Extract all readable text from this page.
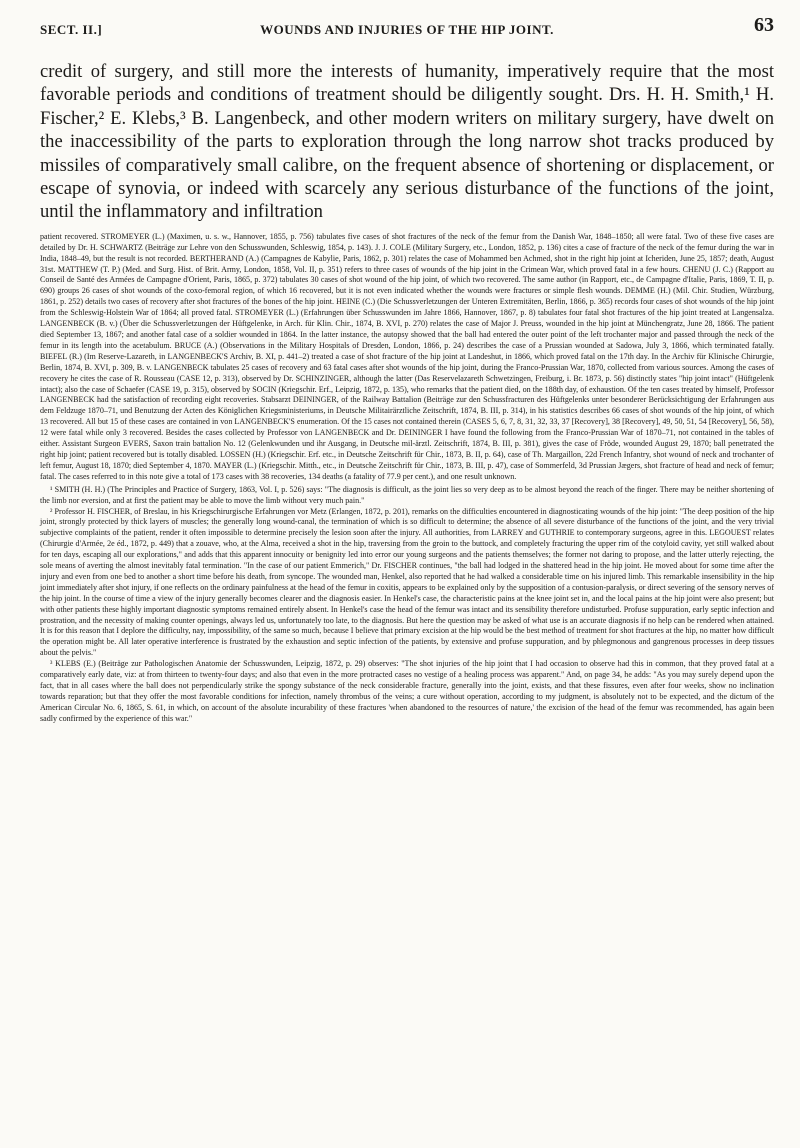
SECT. II.]	WOUNDS AND INJURIES OF THE HIP JOINT.	63
credit of surgery, and still more the interests of humanity, imperatively require that the most favorable periods and conditions of treatment should be diligently sought. Drs. H. H. Smith,¹ H. Fischer,² E. Klebs,³ B. Langenbeck, and other modern writers on military surgery, have dwelt on the inaccessibility of the parts to exploration through the long narrow shot tracks produced by missiles of comparatively small calibre, on the frequent absence of shortening or displacement, or escape of synovia, or indeed with scarcely any serious disturbance of the functions of the joint, until the inflammatory and infiltration

patient recovered. STROMEYER (L.) (Maximen, u. s. w., Hannover, 1855, p. 756) tabulates five cases of shot fractures of the neck of the femur from the Danish War, 1848–1850; all were fatal. Two of these five cases are detailed by Dr. H. SCHWARTZ (Beiträge zur Lehre von den Schusswunden, Schleswig, 1854, p. 143). J. J. COLE (Military Surgery, etc., London, 1852, p. 136) cites a case of fracture of the neck of the femur during the war in India, 1848–49, but the result is not recorded. BERTHERAND (A.) (Campagnes de Kabylie, Paris, 1862, p. 301) relates the case of Mohammed ben Achmed, shot in the right hip joint at Icheriden, June 25, 1857; death, August 31st. MATTHEW (T. P.) (Med. and Surg. Hist. of Brit. Army, London, 1858, Vol. II, p. 351) refers to three cases of wounds of the hip joint in the Crimean War, which proved fatal in a few hours. CHENU (J. C.) (Rapport au Conseil de Santé des Armées de Campagne d'Orient, Paris, 1865, p. 372) tabulates 30 cases of shot wound of the hip joint, of which two recovered. The same author (in Rapport, etc., de Campagne d'Italie, Paris, 1869, T. II, p. 690) groups 26 cases of shot wounds of the coxo-femoral region, of which 16 recovered, but it is not even indicated whether the wounds were fractures or simple flesh wounds. DEMME (H.) (Mil. Chir. Studien, Würzburg, 1861, p. 252) details two cases of recovery after shot fractures of the bones of the hip joint. HEINE (C.) (Die Schussverletzungen der Unteren Extremitäten, Berlin, 1866, p. 365) records four cases of shot wounds of the hip joint from the Schleswig-Holstein War of 1864; all proved fatal. STROMEYER (L.) (Erfahrungen über Schusswunden im Jahre 1866, Hannover, 1867, p. 8) tabulates four fatal shot fractures of the hip joint treated at Langensalza. LANGENBECK (B. v.) (Über die Schussverletzungen der Hüftgelenke, in Arch. für Klin. Chir., 1874, B. XVI, p. 270) relates the case of Major J. Preuss, wounded in the hip joint at Münchengratz, June 28, 1866. The patient died September 13, 1867; and another fatal case of a soldier wounded in 1864. In the latter instance, the autopsy showed that the ball had entered the outer point of the left trochanter major and passed through the neck of the femur in its length into the acetabulum. BRUCE (A.) (Observations in the Military Hospitals of Dresden, London, 1866, p. 24) describes the case of a Prussian wounded at Sadowa, July 3, 1866, which terminated fatally. BIEFEL (R.) (Im Reserve-Lazareth, in LANGENBECK'S Archiv, B. XI, p. 441–2) treated a case of shot fracture of the hip joint at Landeshut, in 1866, which proved fatal on the 17th day. In the Archiv für Klinische Chirurgie, Berlin, 1874, B. XVI, p. 309, B. v. LANGENBECK tabulates 25 cases of recovery and 63 fatal cases after shot wounds of the hip joint, during the Franco-Prussian War, 1870, collected from various sources. Among the cases of recovery he cites the case of R. Rousseau (CASE 12, p. 313), observed by Dr. SCHINZINGER, although the latter (Das Reservelazareth Schwetzingen, Freiburg, i. Br. 1873, p. 56) distinctly states "hip joint intact" (Hüftgelenk intact); also the case of Schaefer (CASE 19, p. 315), observed by SOCIN (Kriegschir. Erf., Leipzig, 1872, p. 135), who remarks that the patient died, on the 188th day, of exhaustion. Of the ten cases treated by himself, Professor LANGENBECK had the satisfaction of recording eight recoveries. Stabsarzt DEININGER, of the Railway Battalion (Beiträge zur den Schussfracturen des Hüftgelenks unter besonderer Berücksichtigung der Erfahrungen aus dem Feldzuge 1870–71, und Benutzung der Acten des Königlichen Kriegsministeriums, in Deutsche Militairärztliche Zeitschrift, 1874, B. III, p. 314), in his statistics describes 66 cases of shot wounds of the hip joint, of which 13 recovered. All but 15 of these cases are contained in von LANGENBECK'S enumeration. Of the 15 cases not contained therein (CASES 5, 6, 7, 8, 31, 32, 33, 37 [Recovery], 38 [Recovery], 49, 50, 51, 54 [Recovery], 56, 58), 12 were fatal while only 3 recovered. Besides the cases collected by Professor von LANGENBECK and Dr. DEININGER I have found the following from the Franco-Prussian War of 1870–71, not contained in the tables of either. Assistant Surgeon EVERS, Saxon train battalion No. 12 (Gelenkwunden und ihr Ausgang, in Deutsche mil-ärztl. Zeitschrift, 1874, B. III, p. 381), gives the case of Fröde, wounded August 29, 1870; ball penetrated the right hip joint; patient recovered but is totally disabled. LOSSEN (H.) (Kriegschir. Erf. etc., in Deutsche Zeitschrift für Chir., 1873, B. II, p. 64), case of Th. Margaillon, 22d French Infantry, shot wound of neck and trochanter of left femur, August 18, 1870; died September 4, 1870. MAYER (L.) (Kriegschir. Mitth., etc., in Deutsche Zeitschrift für Chir., 1873, B. III, p. 47), case of Sommerfeld, 3d Prussian Jægers, shot fracture of head and neck of femur; fatal. The cases referred to in this note give a total of 173 cases with 38 recoveries, 134 deaths (a fatality of 77.9 per cent.), and one result unknown.

¹ SMITH (H. H.) (The Principles and Practice of Surgery, 1863, Vol. I, p. 526) says: "The diagnosis is difficult, as the joint lies so very deep as to be almost beyond the reach of the finger. There may be neither shortening of the limb nor eversion, and at first the patient may be able to move the limb without very much pain."

² Professor H. FISCHER, of Breslau, in his Kriegschirurgische Erfahrungen vor Metz (Erlangen, 1872, p. 201), remarks on the difficulties encountered in diagnosticating wounds of the hip joint: "The deep position of the hip joint, strongly protected by thick layers of muscles; the generally long wound-canal, the termination of which is so difficult to determine; the absence of all severe disturbance of the functions of the joint, and the very trivial subjective complaints of the patient, render it often impossible to determine precisely the lesion soon after the injury. All authorities, from LARREY and GUTHRIE to contemporary surgeons, agree in this. LEGOUEST relates (Chirurgie d'Armée, 2e éd., 1872, p. 449) that a zouave, who, at the Alma, received a shot in the hip, traversing from the groin to the buttock, and completely fracturing the upper rim of the cotyloid cavity, yet still walked about for ten days, escaping all our explorations," and adds that this apparent innocuity or benignity led into error our young surgeons and the patients themselves; the former not daring to propose, and the latter utterly rejecting, the sole means of averting the almost inevitably fatal termination. "In the case of our patient Emmerich," Dr. FISCHER continues, "the ball had lodged in the shattered head in the hip joint. He moved about for some time after the injury and even from one bed to another a short time before his death, from syncope. The wounded man, Henkel, also reported that he had walked a considerable time on his injured limb. This remarkable insensibility in the hip joint immediately after shot injury, if one reflects on the ordinary painfulness at the head of the femur in coxitis, appears to be explained only by the supposition of a contusion-paralysis, or direct severing of the sensory nerves of the hip joint. In the course of time a view of the injury generally becomes clearer and the diagnosis easier. In Henkel's case, the characteristic pains at the knee joint set in, and the local pains at the hip joint were also present; but with other patients these highly important diagnostic symptoms remained entirely absent. In Henkel's case the head of the femur was intact and its sensibility therefore undisturbed. Profuse suppuration, early septic infection and prostration, and the necessity of making counter openings, always led us, unfortunately too late, to the diagnosis. But here the question may be asked of what use is an accurate diagnosis if no help can be rendered when attained. It is for this reason that I deplore the difficulty, nay, impossibility, of the same so much, because I believe that primary excision at the hip would be the best method of treatment for shot fractures at the hip, no matter how difficult the operation might be. All later operative interference is frustrated by the exhaustion and septic infection of the patients, by extensive and profuse suppuration, and by phlegmonous and gangrenous processes in deep tissues about the pelvis."

³ KLEBS (E.) (Beiträge zur Pathologischen Anatomie der Schusswunden, Leipzig, 1872, p. 29) observes: "The shot injuries of the hip joint that I had occasion to observe had this in common, that they proved fatal at a comparatively early date, viz: at from thirteen to twenty-four days; and also that even in the more protracted cases no vestige of a healing process was apparent." And, on page 34, he adds: "As you may surely depend upon the fact, that in all cases where the ball does not perpendicularly strike the spongy substance of the neck considerable fracture, generally into the joint, exists, and that these fissures, even after four weeks, show no inclination towards reparation; but that they offer the most favorable conditions for infection, namely thrombus of the veins; a cure without operation, according to my judgment, is absolutely not to be expected, and the dictum of the American Circular No. 6, 1865, S. 61, in which, on account of the absolute incurability of these fractures 'when abandoned to the resources of nature,' the excision of the head of the femur was recommended, has again been sadly confirmed by the experience of this war."
